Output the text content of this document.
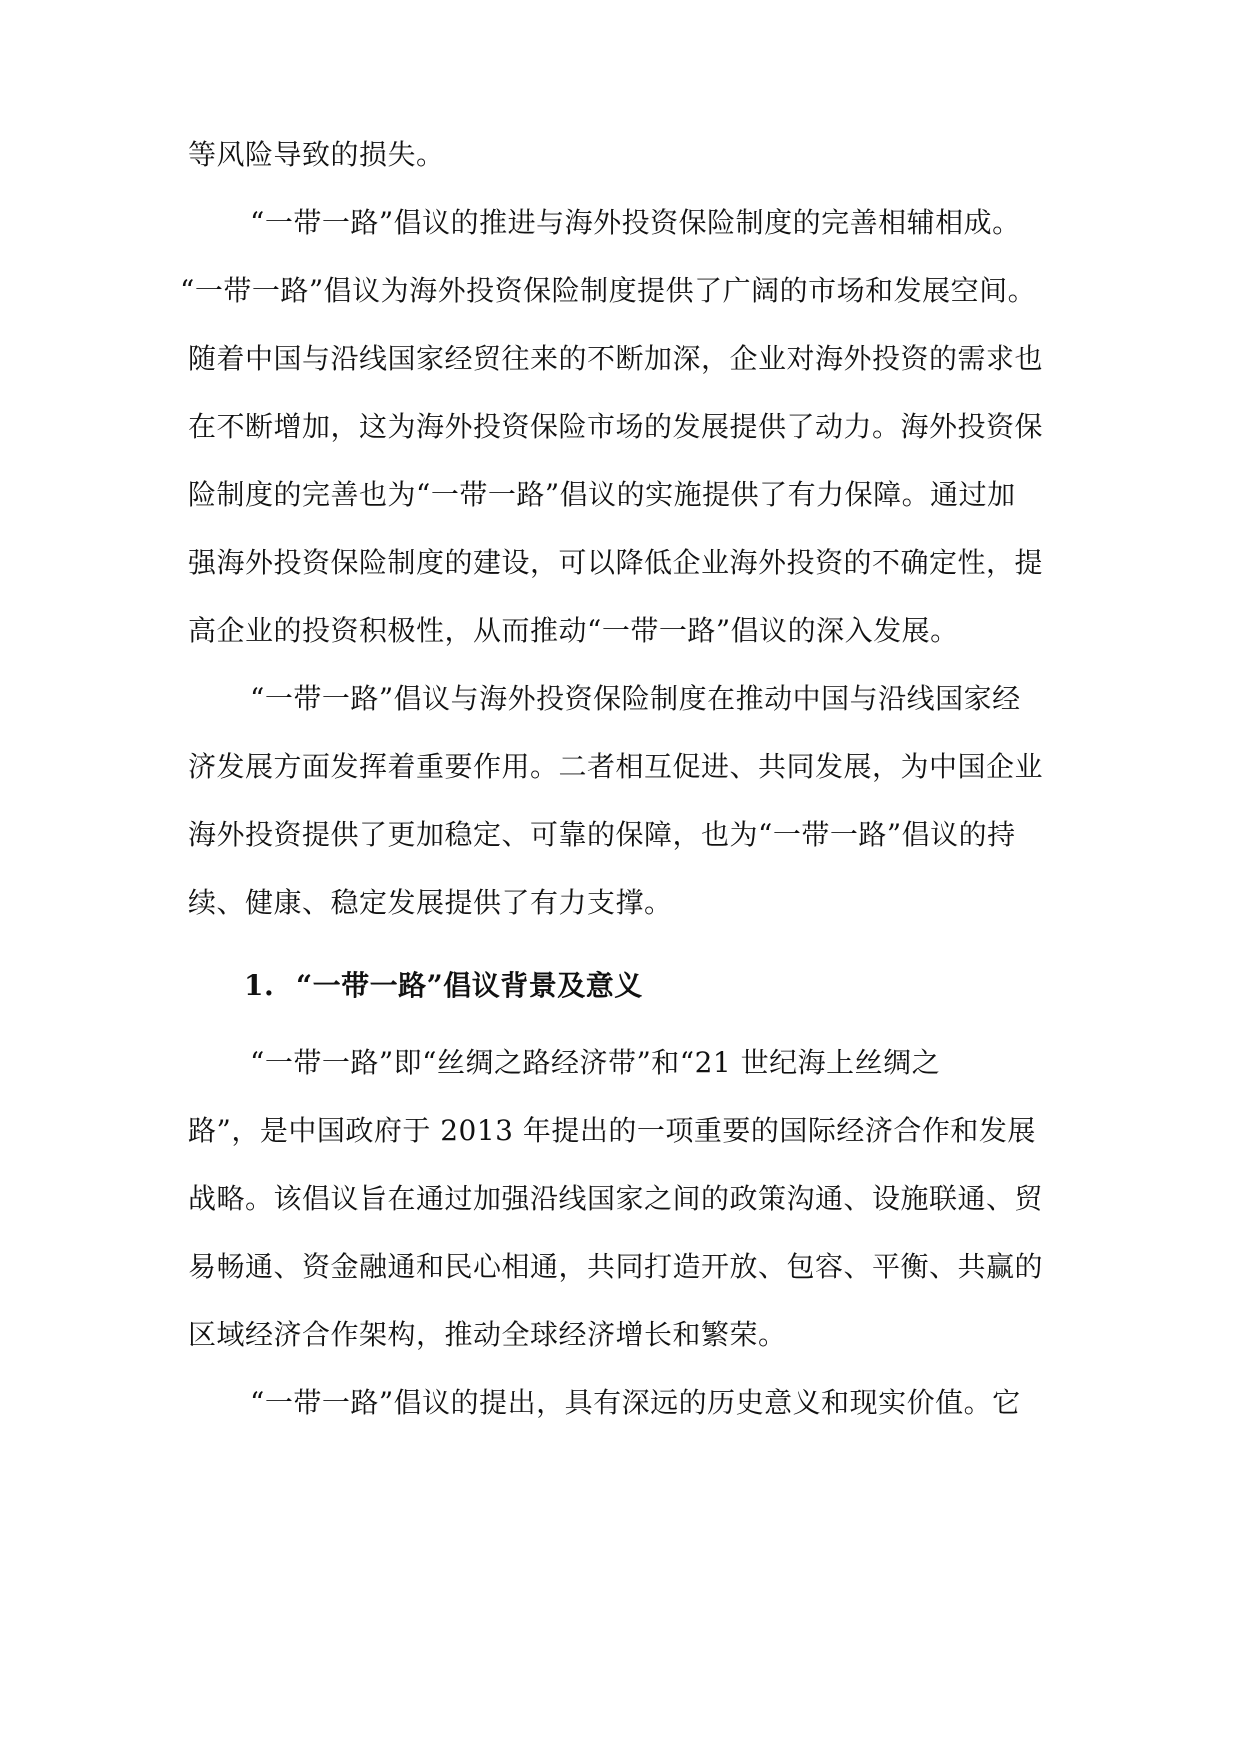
等风险导致的损失。
“一带一路”倡议的推进与海外投资保险制度的完善相辅相成。
“一带一路”倡议为海外投资保险制度提供了广阔的市场和发展空间。
随着中国与沿线国家经贸往来的不断加深，企业对海外投资的需求也
在不断增加，这为海外投资保险市场的发展提供了动力。海外投资保
险制度的完善也为“一带一路”倡议的实施提供了有力保障。通过加
强海外投资保险制度的建设，可以降低企业海外投资的不确定性，提
高企业的投资积极性，从而推动“一带一路”倡议的深入发展。
“一带一路”倡议与海外投资保险制度在推动中国与沿线国家经
济发展方面发挥着重要作用。二者相互促进、共同发展，为中国企业
海外投资提供了更加稳定、可靠的保障，也为“一带一路”倡议的持
续、健康、稳定发展提供了有力支撑。
1. “一带一路”倡议背景及意义
“一带一路”即“丝绸之路经济带”和“21 世纪海上丝绸之
路”，是中国政府于 2013 年提出的一项重要的国际经济合作和发展
战略。该倡议旨在通过加强沿线国家之间的政策沟通、设施联通、贸
易畅通、资金融通和民心相通，共同打造开放、包容、平衡、共赢的
区域经济合作架构，推动全球经济增长和繁荣。
“一带一路”倡议的提出，具有深远的历史意义和现实价值。它
